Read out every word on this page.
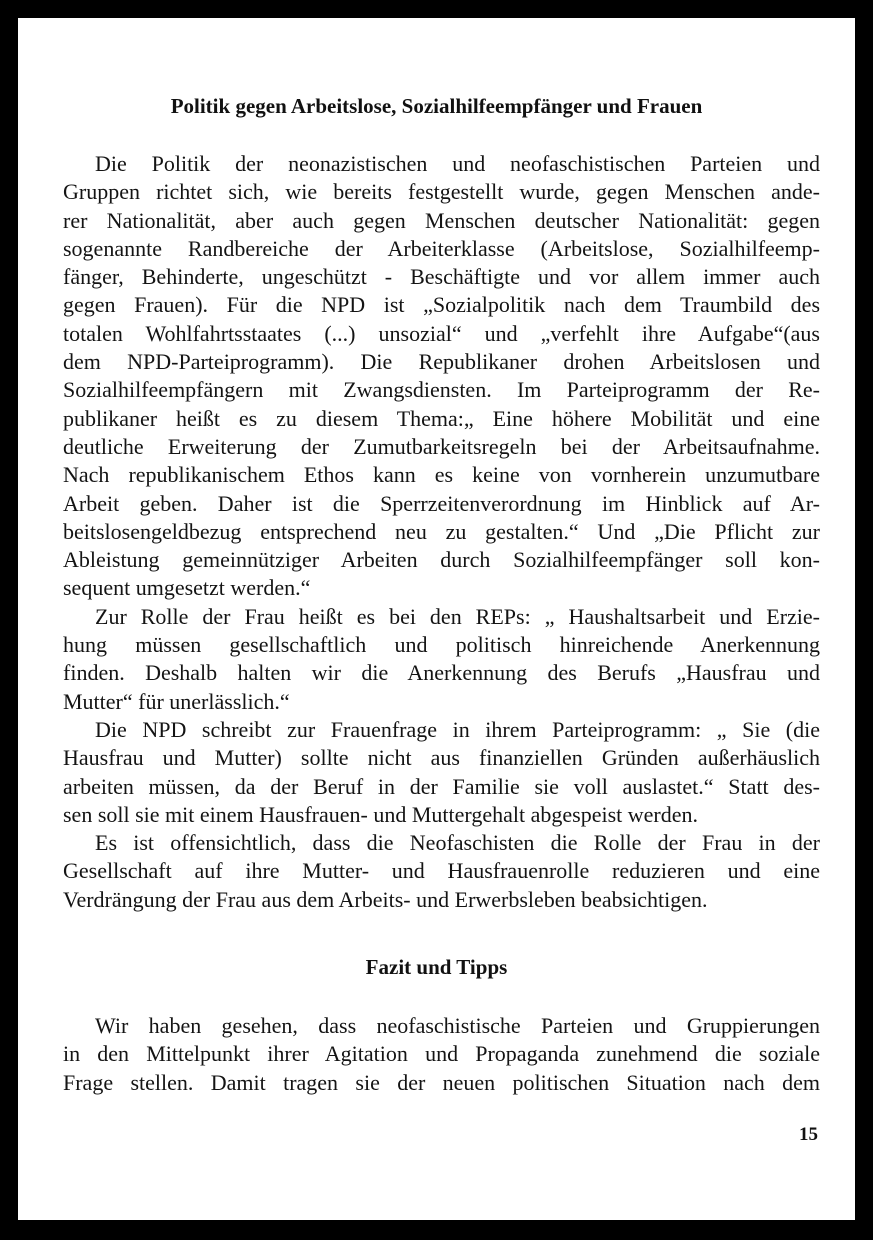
Politik gegen Arbeitslose, Sozialhilfeempfänger und Frauen
Die Politik der neonazistischen und neofaschistischen Parteien und
Gruppen richtet sich, wie bereits festgestellt wurde, gegen Menschen ande-
rer Nationalität, aber auch gegen Menschen deutscher Nationalität: gegen
sogenannte Randbereiche der Arbeiterklasse (Arbeitslose, Sozialhilfeemp-
fänger, Behinderte, ungeschützt - Beschäftigte und vor allem immer auch
gegen Frauen). Für die NPD ist „Sozialpolitik nach dem Traumbild des
totalen Wohlfahrtsstaates (...) unsozial“ und „verfehlt ihre Aufgabe“(aus
dem NPD-Parteiprogramm). Die Republikaner drohen Arbeitslosen und
Sozialhilfeempfängern mit Zwangsdiensten. Im Parteiprogramm der Re-
publikaner heißt es zu diesem Thema:„ Eine höhere Mobilität und eine
deutliche Erweiterung der Zumutbarkeitsregeln bei der Arbeitsaufnahme.
Nach republikanischem Ethos kann es keine von vornherein unzumutbare
Arbeit geben. Daher ist die Sperrzeitenverordnung im Hinblick auf Ar-
beitslosengeldbezug entsprechend neu zu gestalten.“ Und „Die Pflicht zur
Ableistung gemeinnütziger Arbeiten durch Sozialhilfeempfänger soll kon-
sequent umgesetzt werden.“
Zur Rolle der Frau heißt es bei den REPs: „ Haushaltsarbeit und Erzie-
hung müssen gesellschaftlich und politisch hinreichende Anerkennung
finden. Deshalb halten wir die Anerkennung des Berufs „Hausfrau und
Mutter“ für unerlässlich.“
Die NPD schreibt zur Frauenfrage in ihrem Parteiprogramm: „ Sie (die
Hausfrau und Mutter) sollte nicht aus finanziellen Gründen außerhäuslich
arbeiten müssen, da der Beruf in der Familie sie voll auslastet.“ Statt des-
sen soll sie mit einem Hausfrauen- und Muttergehalt abgespeist werden.
Es ist offensichtlich, dass die Neofaschisten die Rolle der Frau in der
Gesellschaft auf ihre Mutter- und Hausfrauenrolle reduzieren und eine
Verdrängung der Frau aus dem Arbeits- und Erwerbsleben beabsichtigen.
Fazit und Tipps
Wir haben gesehen, dass neofaschistische Parteien und Gruppierungen
in den Mittelpunkt ihrer Agitation und Propaganda zunehmend die soziale
Frage stellen. Damit tragen sie der neuen politischen Situation nach dem

15
